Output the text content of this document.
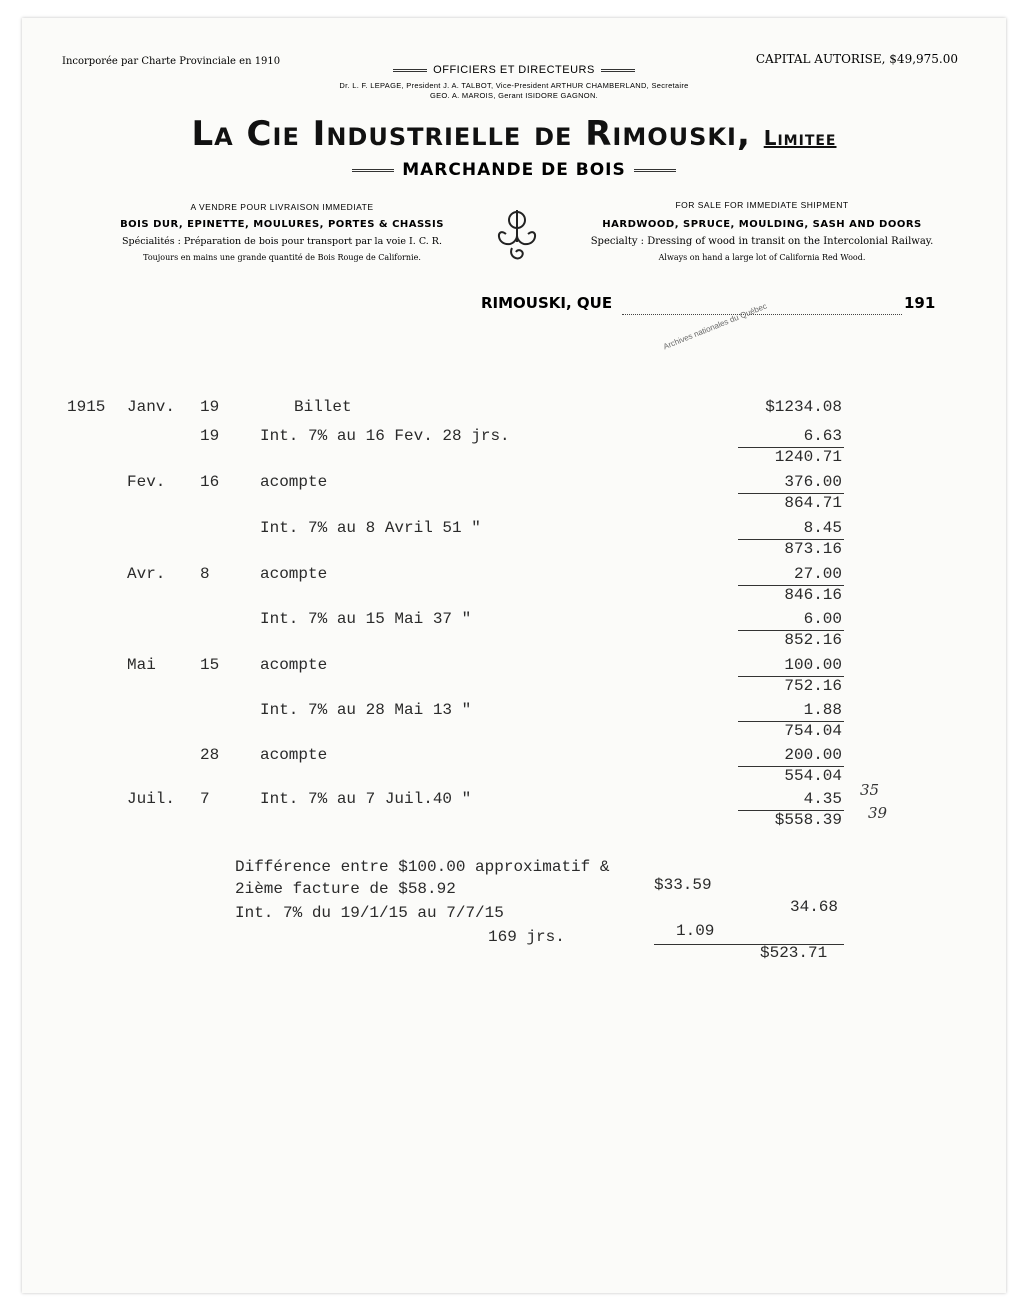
Incorporée par Charte Provinciale en 1910	CAPITAL AUTORISE, $49,975.00
OFFICIERS ET DIRECTEURS
Dr. L. F. LEPAGE, President J. A. TALBOT, Vice-President ARTHUR CHAMBERLAND, Secretaire
GEO. A. MAROIS, Gerant ISIDORE GAGNON.
La Cie Industrielle de Rimouski, Limitee
MARCHANDE DE BOIS
A VENDRE POUR LIVRAISON IMMEDIATE
BOIS DUR, EPINETTE, MOULURES, PORTES & CHASSIS
Spécialités : Préparation de bois pour transport par la voie I. C. R.
Toujours en mains une grande quantité de Bois Rouge de Californie.
FOR SALE FOR IMMEDIATE SHIPMENT
HARDWOOD, SPRUCE, MOULDING, SASH AND DOORS
Specialty : Dressing of wood in transit on the Intercolonial Railway.
Always on hand a large lot of California Red Wood.
RIMOUSKI, QUE	191
Archives nationales du Québec
1915 Janv. 19	Billet	$1234.08
19	Int. 7% au 16 Fev. 28 jrs.	6.63
1240.71
Fev. 16	acompte	376.00
864.71
Int. 7% au 8 Avril 51 "	8.45
873.16
Avr. 8	acompte	27.00
846.16
Int. 7% au 15 Mai 37 "	6.00
852.16
Mai	15	acompte	100.00
752.16
Int. 7% au 28 Mai 13 "	1.88
754.04
28	acompte	200.00
554.04
Juil. 7	Int. 7% au 7 Juil.40 "	4.35
$558.39
35
39
Différence entre $100.00 approximatif &
2ième facture de $58.92	$33.59
Int. 7% du 19/1/15 au 7/7/15	34.68
169 jrs.	1.09
$523.71
